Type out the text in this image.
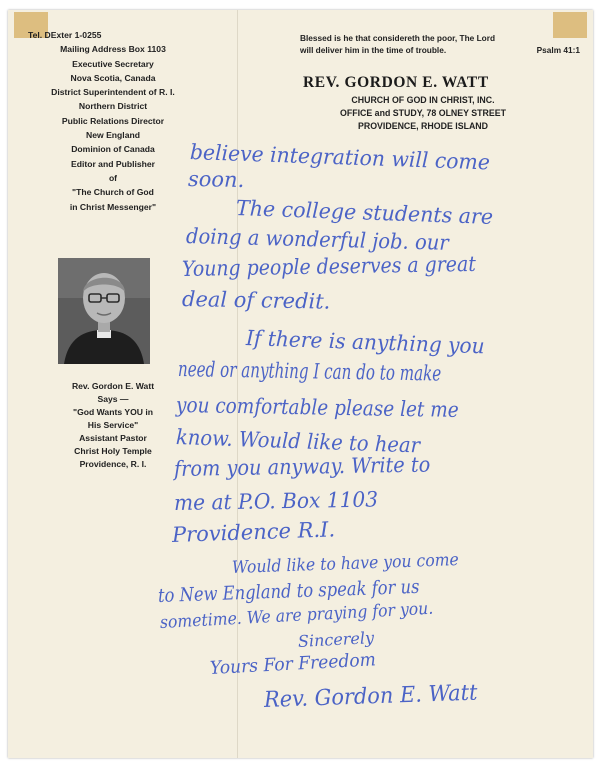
Tel. DExter 1-0255
Mailing Address Box 1103
Executive Secretary
Nova Scotia, Canada
District Superintendent of R. I.
Northern District
Public Relations Director
New England
Dominion of Canada
Editor and Publisher
of
"The Church of God
in Christ Messenger"
Rev. Gordon E. Watt
Says —
"God Wants YOU in
His Service"
Assistant Pastor
Christ Holy Temple
Providence, R. I.
Blessed is he that considereth the poor, The Lord
will deliver him in the time of trouble.	Psalm 41:1
REV. GORDON E. WATT
CHURCH OF GOD IN CHRIST, INC.
OFFICE and STUDY, 78 OLNEY STREET
PROVIDENCE, RHODE ISLAND
believe integration will come
soon.
The college students are
doing a wonderful job. our
Young people deserves a great
deal of credit.
If there is anything you
need or anything I can do to make
you comfortable please let me
know. Would like to hear
from you anyway. Write to
me at P.O. Box 1103
Providence R.I.
Would like to have you come
to New England to speak for us
sometime. We are praying for you.
Sincerely
Yours For Freedom
Rev. Gordon E. Watt
